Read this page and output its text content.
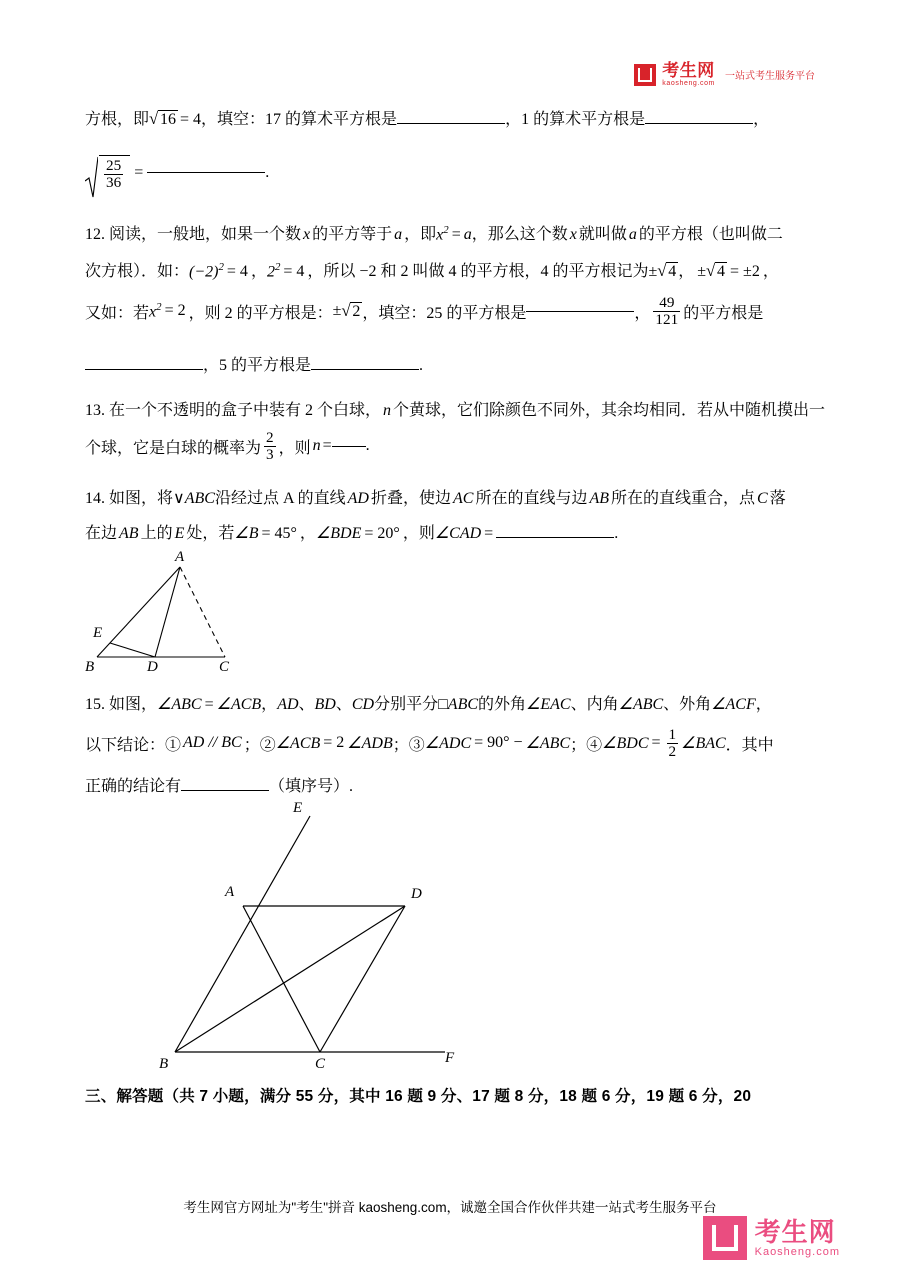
考生网
kaosheng.com
一站式考生服务平台
方根，即 √ 16 = 4 ，填空：17 的算术平方根是	，1 的算术平方根是	，
$\frac{25}{36}$ =	.
12. 阅读，一般地，如果一个数 x 的平方等于 a ，即 $x^2 = a$ ，那么这个数 x 就叫做 a 的平方根（也叫做二
次方根）．如： $(-2)^2 = 4$ ， $2^2 = 4$ ，所以 −2 和 2 叫做 4 的平方根，4 的平方根记为 ± √ 4 ， ± √ 4 = ±2 ，
又如：若 $x^2 = 2$ ，则 2 的平方根是： ± √ 2 ，填空：25 的平方根是	， $\frac{49}{121}$ 的平方根是
，5 的平方根是	.
13. 在一个不透明的盒子中装有 2 个白球， n 个黄球，它们除颜色不同外，其余均相同．若从中随机摸出一
个球，它是白球的概率为 $\frac{2}{3}$ ，则 n = .
14. 如图，将 ∨ ABC 沿经过点 A 的直线 AD 折叠，使边 AC 所在的直线与边 AB 所在的直线重合，点 C 落
在边 AB 上的 E 处，若 ∠B = 45° ， ∠BDE = 20° ，则 ∠CAD =	.
A
E
B	D	C
15. 如图， ∠ABC = ∠ACB ， AD 、 BD 、 CD 分别平分 □ ABC 的外角 ∠EAC 、内角 ∠ABC 、外角 ∠ACF ，
以下结论：① AD // BC ；② ∠ACB = 2 ∠ADB ；③ ∠ADC = 90° − ∠ABC ；④ ∠BDC = $\frac{1}{2}$ ∠BAC ．其中
正确的结论有	（填序号）.
E
A	D
B	C	F
三、解答题（共 7 小题，满分 55 分，其中 16 题 9 分、17 题 8 分，18 题 6 分，19 题 6 分，20
考生网官方网址为"考生"拼音 kaosheng.com，诚邀全国合作伙伴共建一站式考生服务平台
考生网
Kaosheng.com
